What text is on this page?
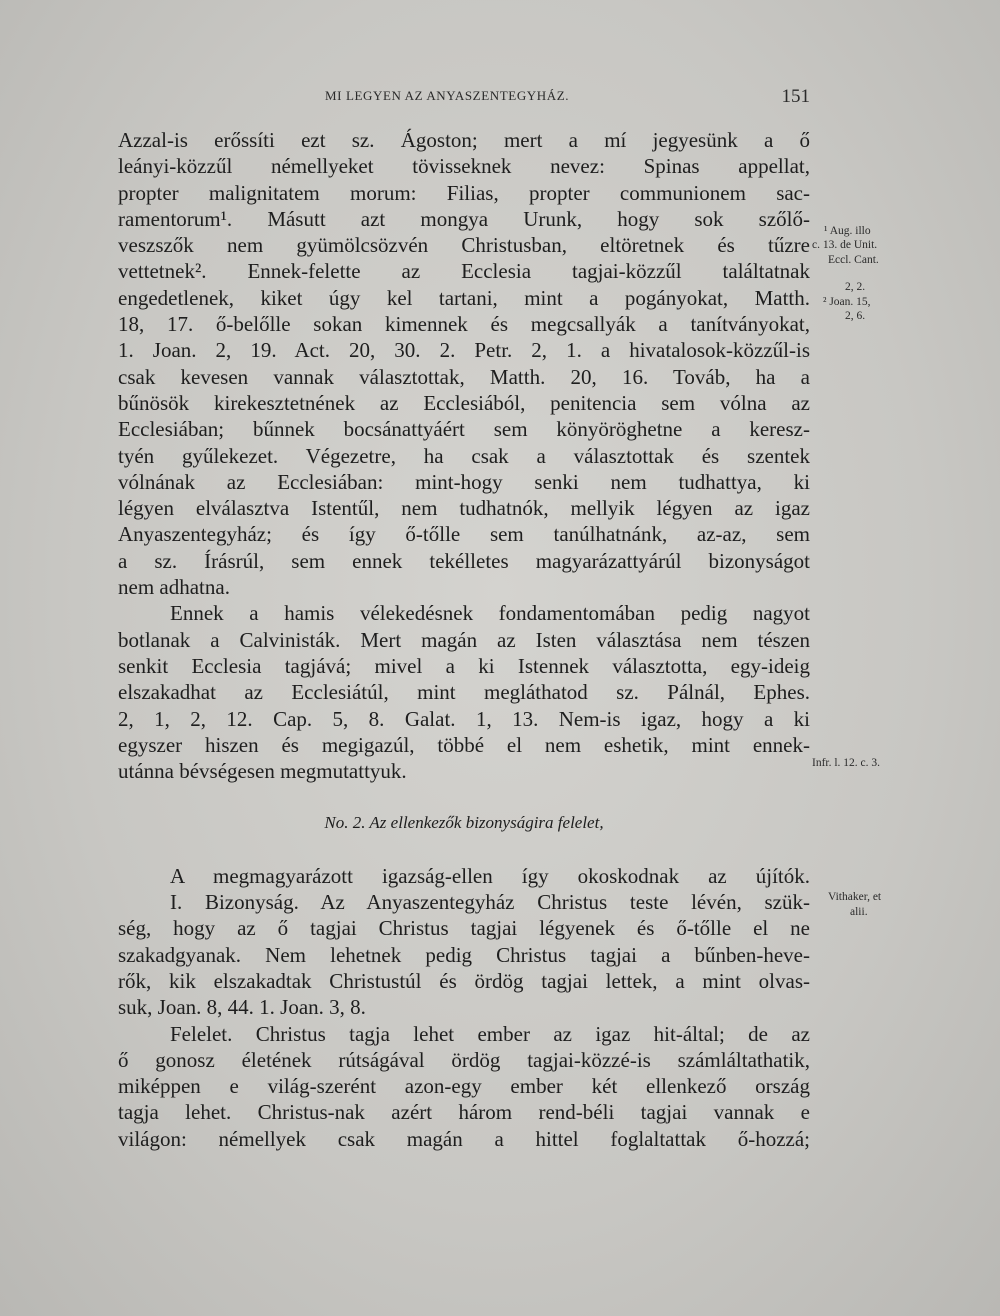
MI LEGYEN AZ ANYASZENTEGYHÁZ.	151
Azzal-is erőssíti ezt sz. Ágoston; mert a mí jegyesünk a ő
leányi-közzűl némellyeket tövisseknek nevez: Spinas appellat,
propter malignitatem morum: Filias, propter communionem sac-
ramentorum¹. Másutt azt mongya Urunk, hogy sok szőlő-
veszszők nem gyümölcsözvén Christusban, eltöretnek és tűzre
vettetnek². Ennek-felette az Ecclesia tagjai-közzűl találtatnak
engedetlenek, kiket úgy kel tartani, mint a pogányokat, Matth.
18, 17. ő-belőlle sokan kimennek és megcsallyák a tanítványokat,
1. Joan. 2, 19. Act. 20, 30. 2. Petr. 2, 1. a hivatalosok-közzűl-is
csak kevesen vannak választottak, Matth. 20, 16. Továb, ha a
bűnösök kirekesztetnének az Ecclesiából, penitencia sem vólna az
Ecclesiában; bűnnek bocsánattyáért sem könyöröghetne a keresz-
tyén gyűlekezet. Végezetre, ha csak a választottak és szentek
vólnának az Ecclesiában: mint-hogy senki nem tudhattya, ki
légyen elválasztva Istentűl, nem tudhatnók, mellyik légyen az igaz
Anyaszentegyház; és így ő-tőlle sem tanúlhatnánk, az-az, sem
a sz. Írásrúl, sem ennek tekélletes magyarázattyárúl bizonyságot
nem adhatna.
Ennek a hamis vélekedésnek fondamentomában pedig nagyot
botlanak a Calvinisták. Mert magán az Isten választása nem tészen
senkit Ecclesia tagjává; mivel a ki Istennek választotta, egy-ideig
elszakadhat az Ecclesiátúl, mint megláthatod sz. Pálnál, Ephes.
2, 1, 2, 12. Cap. 5, 8. Galat. 1, 13. Nem-is igaz, hogy a ki
egyszer hiszen és megigazúl, többé el nem eshetik, mint ennek-
utánna bévségesen megmutattyuk.
No. 2. Az ellenkezők bizonyságira felelet,
A megmagyarázott igazság-ellen így okoskodnak az újítók.
I. Bizonyság. Az Anyaszentegyház Christus teste lévén, szük-
ség, hogy az ő tagjai Christus tagjai légyenek és ő-tőlle el ne
szakadgyanak. Nem lehetnek pedig Christus tagjai a bűnben-heve-
rők, kik elszakadtak Christustúl és ördög tagjai lettek, a mint olvas-
suk, Joan. 8, 44. 1. Joan. 3, 8.
Felelet. Christus tagja lehet ember az igaz hit-által; de az
ő gonosz életének rútságával ördög tagjai-közzé-is számláltathatik,
miképpen e világ-szerént azon-egy ember két ellenkező ország
tagja lehet. Christus-nak azért három rend-béli tagjai vannak e
világon: némellyek csak magán a hittel foglaltattak ő-hozzá;
¹ Aug. illo
c. 13. de Unit.
Eccl. Cant.
2, 2.
² Joan. 15,
2, 6.
Infr. l. 12. c. 3.
Vithaker, et
alii.
